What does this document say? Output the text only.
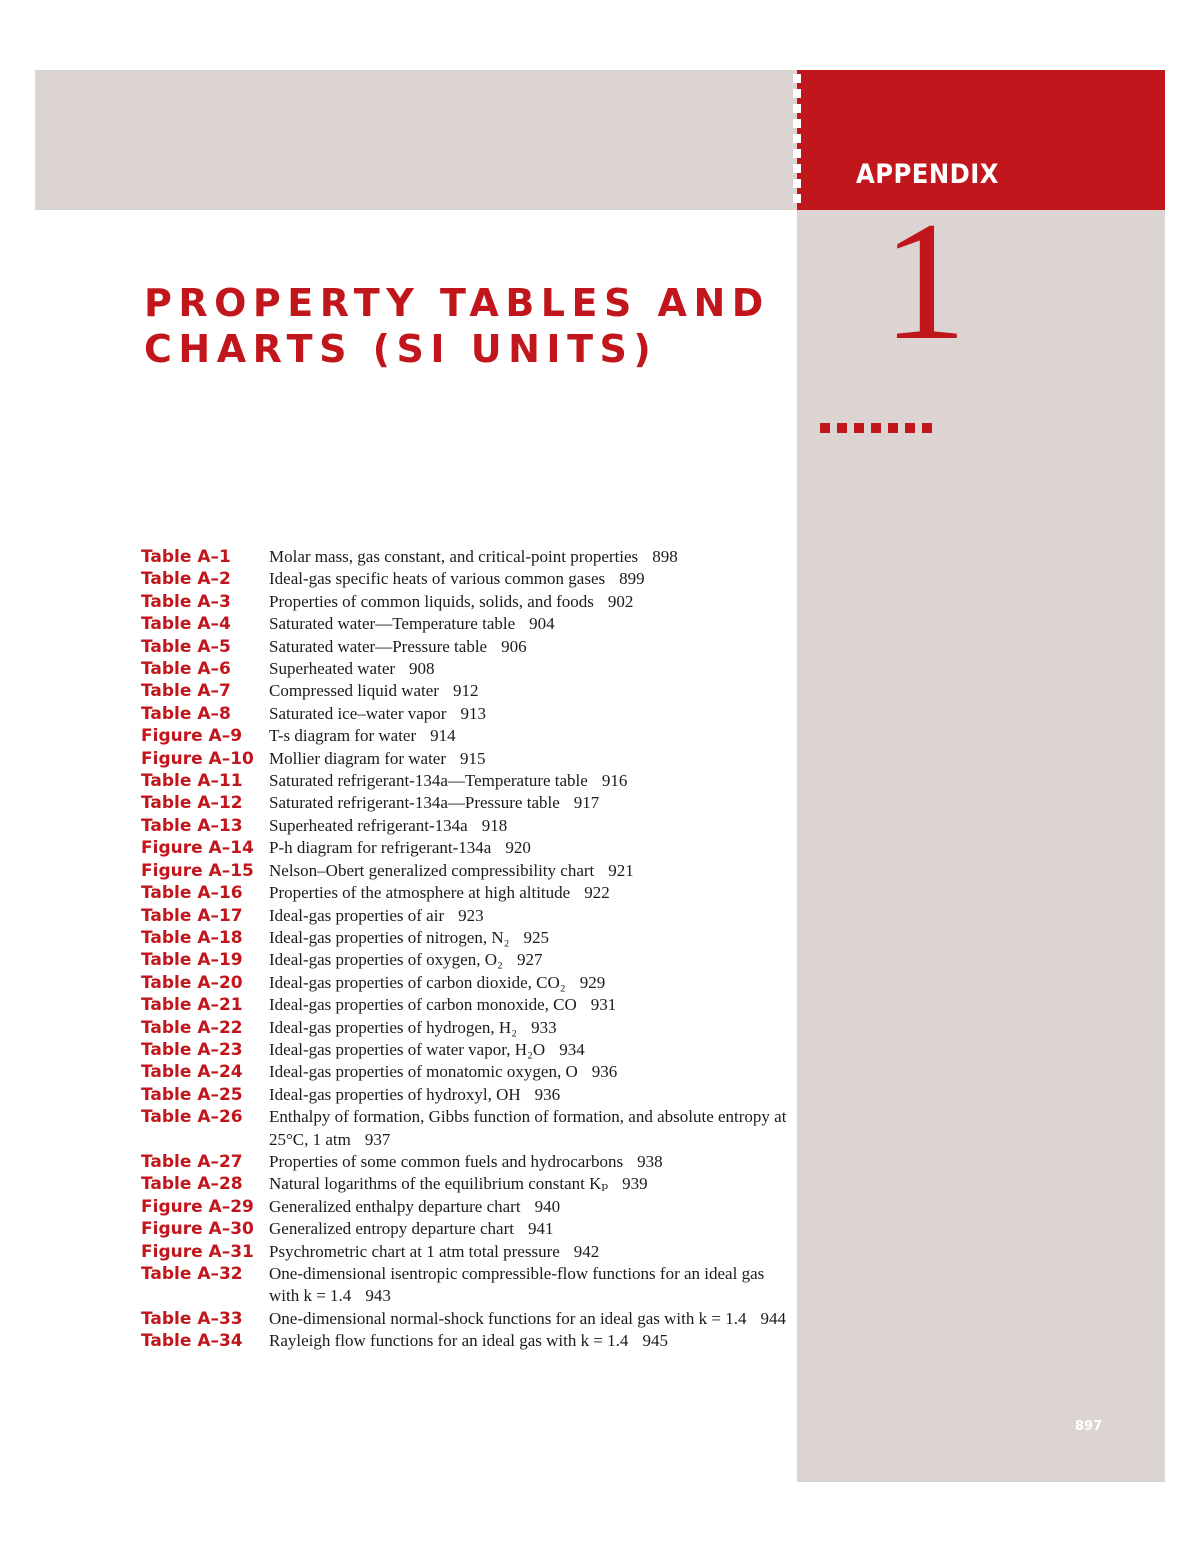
APPENDIX
1
PROPERTY TABLES AND
CHARTS (SI UNITS)
Table A–1	Molar mass, gas constant, and critical-point properties 898
Table A–2	Ideal-gas specific heats of various common gases 899
Table A–3	Properties of common liquids, solids, and foods 902
Table A–4	Saturated water—Temperature table 904
Table A–5	Saturated water—Pressure table 906
Table A–6	Superheated water 908
Table A–7	Compressed liquid water 912
Table A–8	Saturated ice–water vapor 913
Figure A–9	T-s diagram for water 914
Figure A–10 Mollier diagram for water 915
Table A–11	Saturated refrigerant-134a—Temperature table 916
Table A–12	Saturated refrigerant-134a—Pressure table 917
Table A–13	Superheated refrigerant-134a 918
Figure A–14 P-h diagram for refrigerant-134a 920
Figure A–15 Nelson–Obert generalized compressibility chart 921
Table A–16	Properties of the atmosphere at high altitude 922
Table A–17	Ideal-gas properties of air 923
Table A–18	Ideal-gas properties of nitrogen, N₂ 925
Table A–19	Ideal-gas properties of oxygen, O₂ 927
Table A–20	Ideal-gas properties of carbon dioxide, CO₂ 929
Table A–21	Ideal-gas properties of carbon monoxide, CO 931
Table A–22	Ideal-gas properties of hydrogen, H₂ 933
Table A–23	Ideal-gas properties of water vapor, H₂O 934
Table A–24	Ideal-gas properties of monatomic oxygen, O 936
Table A–25	Ideal-gas properties of hydroxyl, OH 936
Table A–26	Enthalpy of formation, Gibbs function of formation, and absolute entropy at 25°C, 1 atm 937
Table A–27	Properties of some common fuels and hydrocarbons 938
Table A–28	Natural logarithms of the equilibrium constant Kₚ 939
Figure A–29 Generalized enthalpy departure chart 940
Figure A–30 Generalized entropy departure chart 941
Figure A–31 Psychrometric chart at 1 atm total pressure 942
Table A–32	One-dimensional isentropic compressible-flow functions for an ideal gas with k = 1.4 943
Table A–33	One-dimensional normal-shock functions for an ideal gas with k = 1.4 944
Table A–34	Rayleigh flow functions for an ideal gas with k = 1.4 945
897
